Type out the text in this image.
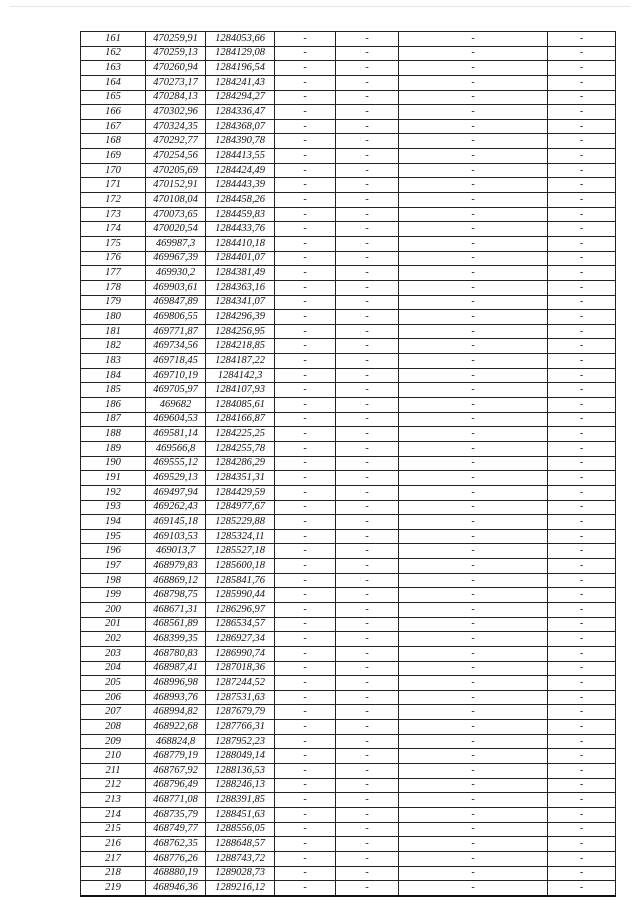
161	470259,91	1284053,66	-	-	-	-
162	470259,13	1284129,08	-	-	-	-
163	470260,94	1284196,54	-	-	-	-
164	470273,17	1284241,43	-	-	-	-
165	470284,13	1284294,27	-	-	-	-
166	470302,96	1284336,47	-	-	-	-
167	470324,35	1284368,07	-	-	-	-
168	470292,77	1284390,78	-	-	-	-
169	470254,56	1284413,55	-	-	-	-
170	470205,69	1284424,49	-	-	-	-
171	470152,91	1284443,39	-	-	-	-
172	470108,04	1284458,26	-	-	-	-
173	470073,65	1284459,83	-	-	-	-
174	470020,54	1284433,76	-	-	-	-
175	469987,3	1284410,18	-	-	-	-
176	469967,39	1284401,07	-	-	-	-
177	469930,2	1284381,49	-	-	-	-
178	469903,61	1284363,16	-	-	-	-
179	469847,89	1284341,07	-	-	-	-
180	469806,55	1284296,39	-	-	-	-
181	469771,87	1284256,95	-	-	-	-
182	469734,56	1284218,85	-	-	-	-
183	469718,45	1284187,22	-	-	-	-
184	469710,19	1284142,3	-	-	-	-
185	469705,97	1284107,93	-	-	-	-
186	469682	1284085,61	-	-	-	-
187	469604,53	1284166,87	-	-	-	-
188	469581,14	1284225,25	-	-	-	-
189	469566,8	1284255,78	-	-	-	-
190	469555,12	1284286,29	-	-	-	-
191	469529,13	1284351,31	-	-	-	-
192	469497,94	1284429,59	-	-	-	-
193	469262,43	1284977,67	-	-	-	-
194	469145,18	1285229,88	-	-	-	-
195	469103,53	1285324,11	-	-	-	-
196	469013,7	1285527,18	-	-	-	-
197	468979,83	1285600,18	-	-	-	-
198	468869,12	1285841,76	-	-	-	-
199	468798,75	1285990,44	-	-	-	-
200	468671,31	1286296,97	-	-	-	-
201	468561,89	1286534,57	-	-	-	-
202	468399,35	1286927,34	-	-	-	-
203	468780,83	1286990,74	-	-	-	-
204	468987,41	1287018,36	-	-	-	-
205	468996,98	1287244,52	-	-	-	-
206	468993,76	1287531,63	-	-	-	-
207	468994,82	1287679,79	-	-	-	-
208	468922,68	1287766,31	-	-	-	-
209	468824,8	1287952,23	-	-	-	-
210	468779,19	1288049,14	-	-	-	-
211	468767,92	1288136,53	-	-	-	-
212	468796,49	1288246,13	-	-	-	-
213	468771,08	1288391,85	-	-	-	-
214	468735,79	1288451,63	-	-	-	-
215	468749,77	1288556,05	-	-	-	-
216	468762,35	1288648,57	-	-	-	-
217	468776,26	1288743,72	-	-	-	-
218	468880,19	1289028,73	-	-	-	-
219	468946,36	1289216,12	-	-	-	-
